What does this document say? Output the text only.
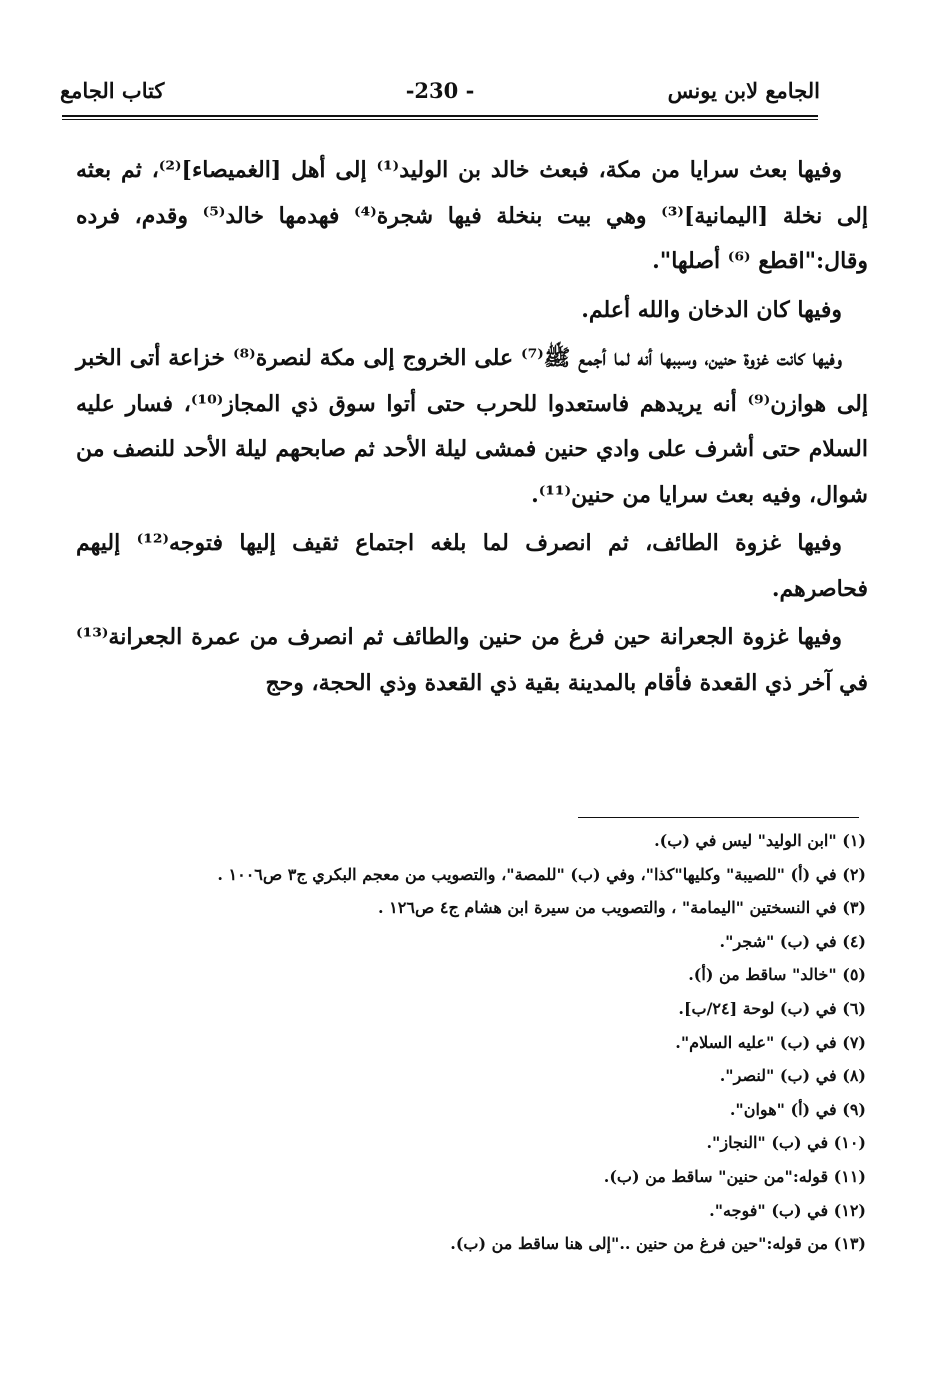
الجامع لابن يونس
-230 -
كتاب الجامع

وفيها بعث سرايا من مكة، فبعث خالد بن الوليد⁽¹⁾ إلى أهل [الغميصاء]⁽²⁾، ثم بعثه إلى نخلة [اليمانية]⁽³⁾ وهي بيت بنخلة فيها شجرة⁽⁴⁾ فهدمها خالد⁽⁵⁾ وقدم، فرده وقال:"اقطع ⁽⁶⁾ أصلها".

وفيها كان الدخان والله أعلم.

وفيها كانت غزوة حنين، وسببها أنه لما أجمع ﷺ⁽⁷⁾ على الخروج إلى مكة لنصرة⁽⁸⁾ خزاعة أتى الخبر إلى هوازن⁽⁹⁾ أنه يريدهم فاستعدوا للحرب حتى أتوا سوق ذي المجاز⁽¹⁰⁾، فسار عليه السلام حتى أشرف على وادي حنين فمشى ليلة الأحد ثم صابحهم ليلة الأحد للنصف من شوال، وفيه بعث سرايا من حنين⁽¹¹⁾.

وفيها غزوة الطائف، ثم انصرف لما بلغه اجتماع ثقيف إليها فتوجه⁽¹²⁾ إليهم فحاصرهم.

وفيها غزوة الجعرانة حين فرغ من حنين والطائف ثم انصرف من عمرة الجعرانة⁽¹³⁾ في آخر ذي القعدة فأقام بالمدينة بقية ذي القعدة وذي الحجة، وحج

(١) "ابن الوليد" ليس في (ب).
(٢) في (أ) "للصيبة" وكليها"كذا"، وفي (ب) "للمصة"، والتصويب من معجم البكري ج٣ ص١٠٠٦ .
(٣) في النسختين "اليمامة" ، والتصويب من سيرة ابن هشام ج٤ ص١٢٦ .
(٤) في (ب) "شجر".
(٥) "خالد" ساقط من (أ).
(٦) في (ب) لوحة [٢٤/ب].
(٧) في (ب) "عليه السلام".
(٨) في (ب) "لنصر".
(٩) في (أ) "هوان".
(١٠) في (ب) "النجاز".
(١١) قوله:"من حنين" ساقط من (ب).
(١٢) في (ب) "فوجه".
(١٣) من قوله:"حين فرغ من حنين .."إلى هنا ساقط من (ب).
